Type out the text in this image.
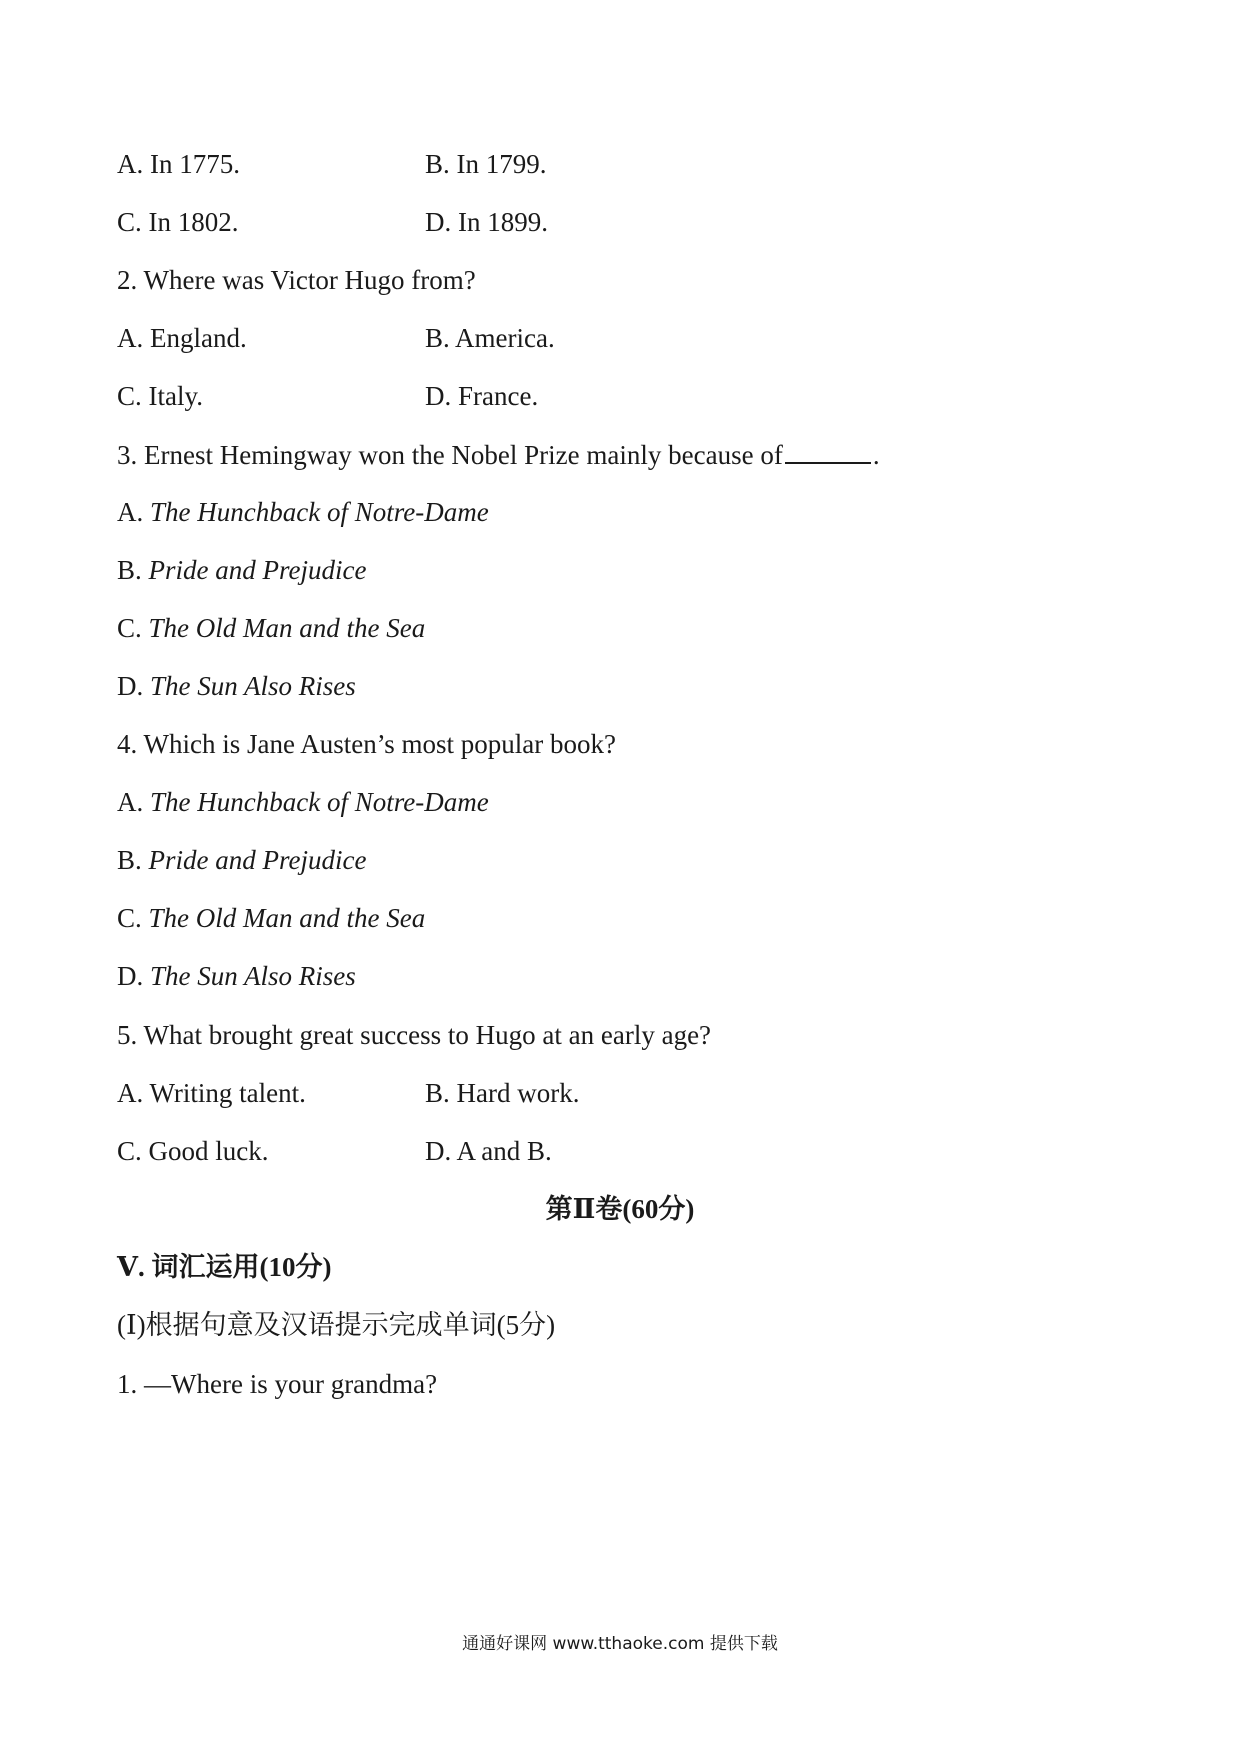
A. In 1775.	B. In 1799.
C. In 1802.	D. In 1899.
2. Where was Victor Hugo from?
A. England.	B. America.
C. Italy.	D. France.
3. Ernest Hemingway won the Nobel Prize mainly because of	.
A. The Hunchback of Notre-Dame
B. Pride and Prejudice
C. The Old Man and the Sea
D. The Sun Also Rises
4. Which is Jane Austen’s most popular book?
A. The Hunchback of Notre-Dame
B. Pride and Prejudice
C. The Old Man and the Sea
D. The Sun Also Rises
5. What brought great success to Hugo at an early age?
A. Writing talent.	B. Hard work.
C. Good luck.	D. A and B.
第Ⅱ卷(60分)
Ⅴ. 词汇运用(10分)
(Ⅰ)根据句意及汉语提示完成单词(5分)
1. —Where is your grandma?
通通好课网 www.tthaoke.com 提供下载
